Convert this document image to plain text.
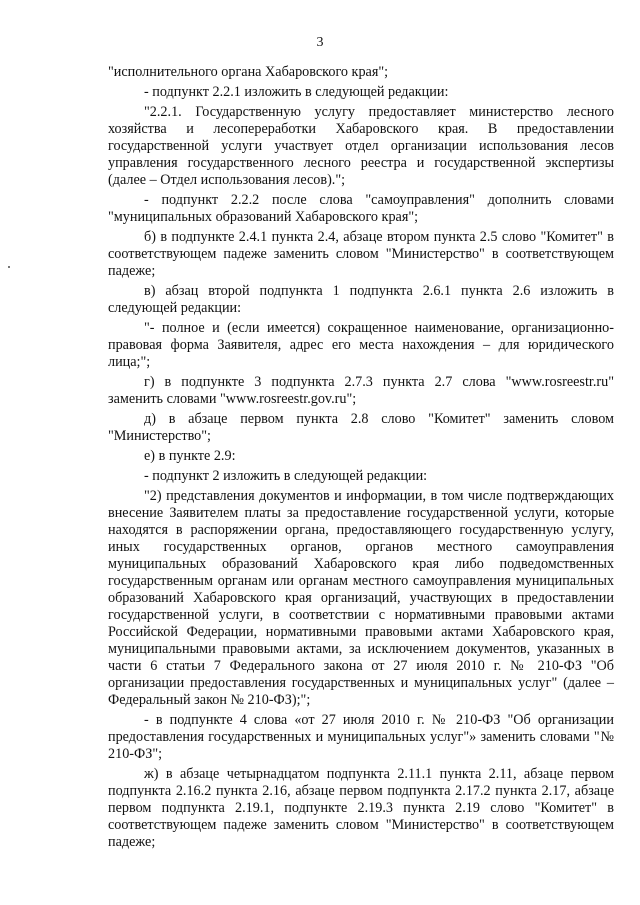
3

"исполнительного органа Хабаровского края";

- подпункт 2.2.1 изложить в следующей редакции:

"2.2.1. Государственную услугу предоставляет министерство лесного хозяйства и лесопереработки Хабаровского края. В предоставлении государственной услуги участвует отдел организации использования лесов управления государственного лесного реестра и государственной экспертизы (далее – Отдел использования лесов).";

- подпункт 2.2.2 после слова "самоуправления" дополнить словами "муниципальных образований Хабаровского края";

б) в подпункте 2.4.1 пункта 2.4, абзаце втором пункта 2.5 слово "Комитет" в соответствующем падеже заменить словом "Министерство" в соответствующем падеже;

в) абзац второй подпункта 1 подпункта 2.6.1 пункта 2.6 изложить в следующей редакции:

"- полное и (если имеется) сокращенное наименование, организационно-правовая форма Заявителя, адрес его места нахождения – для юридического лица;";

г) в подпункте 3 подпункта 2.7.3 пункта 2.7 слова "www.rosreestr.ru" заменить словами "www.rosreestr.gov.ru";

д) в абзаце первом пункта 2.8 слово "Комитет" заменить словом "Министерство";

е) в пункте 2.9:

- подпункт 2 изложить в следующей редакции:

"2) представления документов и информации, в том числе подтверждающих внесение Заявителем платы за предоставление государственной услуги, которые находятся в распоряжении органа, предоставляющего государственную услугу, иных государственных органов, органов местного самоуправления муниципальных образований Хабаровского края либо подведомственных государственным органам или органам местного самоуправления муниципальных образований Хабаровского края организаций, участвующих в предоставлении государственной услуги, в соответствии с нормативными правовыми актами Российской Федерации, нормативными правовыми актами Хабаровского края, муниципальными правовыми актами, за исключением документов, указанных в части 6 статьи 7 Федерального закона от 27 июля 2010 г. № 210-ФЗ "Об организации предоставления государственных и муниципальных услуг" (далее – Федеральный закон № 210-ФЗ);";

- в подпункте 4 слова «от 27 июля 2010 г. № 210-ФЗ "Об организации предоставления государственных и муниципальных услуг"» заменить словами "№ 210-ФЗ";

ж) в абзаце четырнадцатом подпункта 2.11.1 пункта 2.11, абзаце первом подпункта 2.16.2 пункта 2.16, абзаце первом подпункта 2.17.2 пункта 2.17, абзаце первом подпункта 2.19.1, подпункте 2.19.3 пункта 2.19 слово "Комитет" в соответствующем падеже заменить словом "Министерство" в соответствующем падеже;
